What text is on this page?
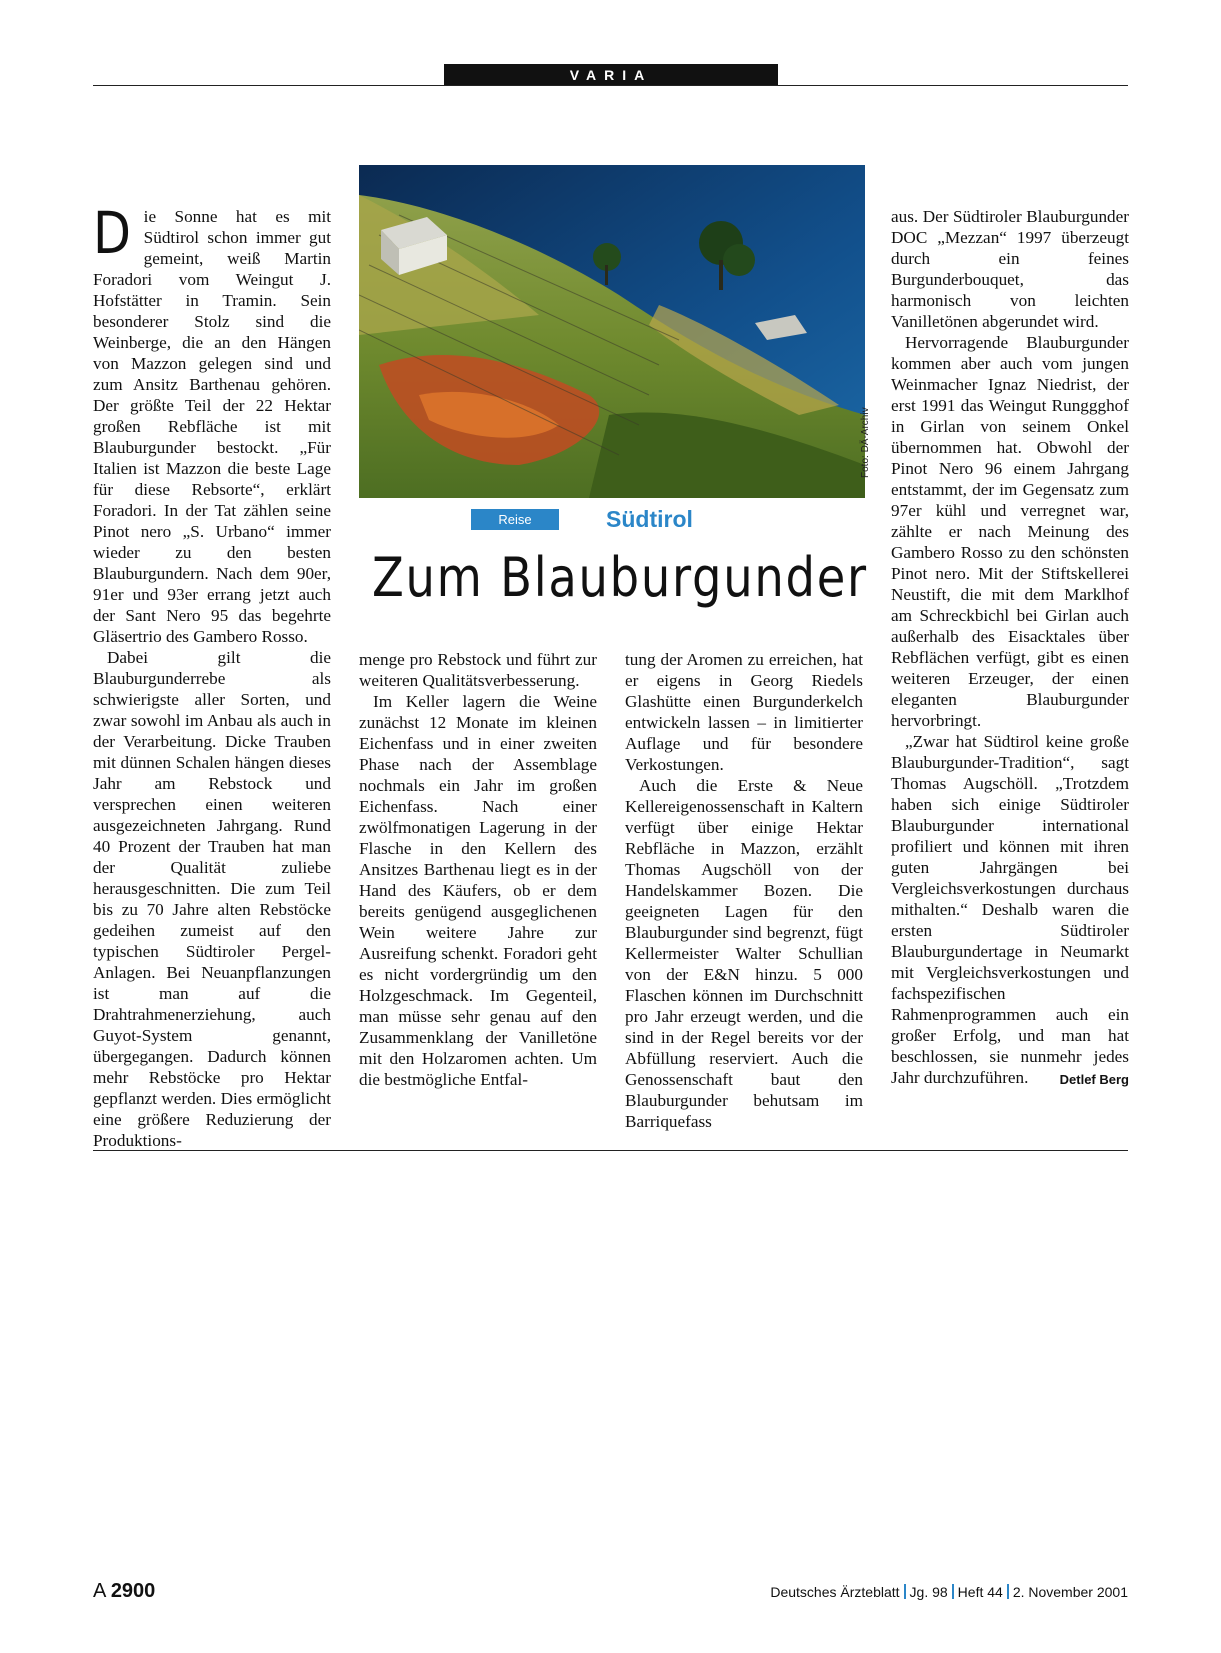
VARIA
Foto: DÄ-Archiv
Reise	Südtirol
Zum Blauburgunder

Die Sonne hat es mit Südtirol schon immer gut gemeint, weiß Martin Foradori vom Weingut J. Hofstätter in Tramin. Sein besonderer Stolz sind die Weinberge, die an den Hängen von Mazzon gelegen sind und zum Ansitz Barthenau gehören. Der größte Teil der 22 Hektar großen Rebfläche ist mit Blauburgunder bestockt. „Für Italien ist Mazzon die beste Lage für diese Rebsorte“, erklärt Foradori. In der Tat zählen seine Pinot nero „S. Urbano“ immer wieder zu den besten Blauburgundern. Nach dem 90er, 91er und 93er errang jetzt auch der Sant Nero 95 das begehrte Gläsertrio des Gambero Rosso.

Dabei gilt die Blauburgunderrebe als schwierigste aller Sorten, und zwar sowohl im Anbau als auch in der Verarbeitung. Dicke Trauben mit dünnen Schalen hängen dieses Jahr am Rebstock und versprechen einen weiteren ausgezeichneten Jahrgang. Rund 40 Prozent der Trauben hat man der Qualität zuliebe herausgeschnitten. Die zum Teil bis zu 70 Jahre alten Rebstöcke gedeihen zumeist auf den typischen Südtiroler Pergel-Anlagen. Bei Neuanpflanzungen ist man auf die Drahtrahmenerziehung, auch Guyot-System genannt, übergegangen. Dadurch können mehr Rebstöcke pro Hektar gepflanzt werden. Dies ermöglicht eine größere Reduzierung der Produktions-

menge pro Rebstock und führt zur weiteren Qualitätsverbesserung.

Im Keller lagern die Weine zunächst 12 Monate im kleinen Eichenfass und in einer zweiten Phase nach der Assemblage nochmals ein Jahr im großen Eichenfass. Nach einer zwölfmonatigen Lagerung in der Flasche in den Kellern des Ansitzes Barthenau liegt es in der Hand des Käufers, ob er dem bereits genügend ausgeglichenen Wein weitere Jahre zur Ausreifung schenkt. Foradori geht es nicht vordergründig um den Holzgeschmack. Im Gegenteil, man müsse sehr genau auf den Zusammenklang der Vanilletöne mit den Holzaromen achten. Um die bestmögliche Entfal-

tung der Aromen zu erreichen, hat er eigens in Georg Riedels Glashütte einen Burgunderkelch entwickeln lassen – in limitierter Auflage und für besondere Verkostungen.

Auch die Erste & Neue Kellereigenossenschaft in Kaltern verfügt über einige Hektar Rebfläche in Mazzon, erzählt Thomas Augschöll von der Handelskammer Bozen. Die geeigneten Lagen für den Blauburgunder sind begrenzt, fügt Kellermeister Walter Schullian von der E&N hinzu. 5 000 Flaschen können im Durchschnitt pro Jahr erzeugt werden, und die sind in der Regel bereits vor der Abfüllung reserviert. Auch die Genossenschaft baut den Blauburgunder behutsam im Barriquefass

aus. Der Südtiroler Blauburgunder DOC „Mezzan“ 1997 überzeugt durch ein feines Burgunderbouquet, das harmonisch von leichten Vanilletönen abgerundet wird.

Hervorragende Blauburgunder kommen aber auch vom jungen Weinmacher Ignaz Niedrist, der erst 1991 das Weingut Runggghof in Girlan von seinem Onkel übernommen hat. Obwohl der Pinot Nero 96 einem Jahrgang entstammt, der im Gegensatz zum 97er kühl und verregnet war, zählte er nach Meinung des Gambero Rosso zu den schönsten Pinot nero. Mit der Stiftskellerei Neustift, die mit dem Marklhof am Schreckbichl bei Girlan auch außerhalb des Eisacktales über Rebflächen verfügt, gibt es einen weiteren Erzeuger, der einen eleganten Blauburgunder hervorbringt.

„Zwar hat Südtirol keine große Blauburgunder-Tradition“, sagt Thomas Augschöll. „Trotzdem haben sich einige Südtiroler Blauburgunder international profiliert und können mit ihren guten Jahrgängen bei Vergleichsverkostungen durchaus mithalten.“ Deshalb waren die ersten Südtiroler Blauburgundertage in Neumarkt mit Vergleichsverkostungen und fachspezifischen Rahmenprogrammen auch ein großer Erfolg, und man hat beschlossen, sie nunmehr jedes Jahr durchzuführen.	Detlef Berg

A 2900	Deutsches Ärzteblatt Jg. 98 Heft 44 2. November 2001
